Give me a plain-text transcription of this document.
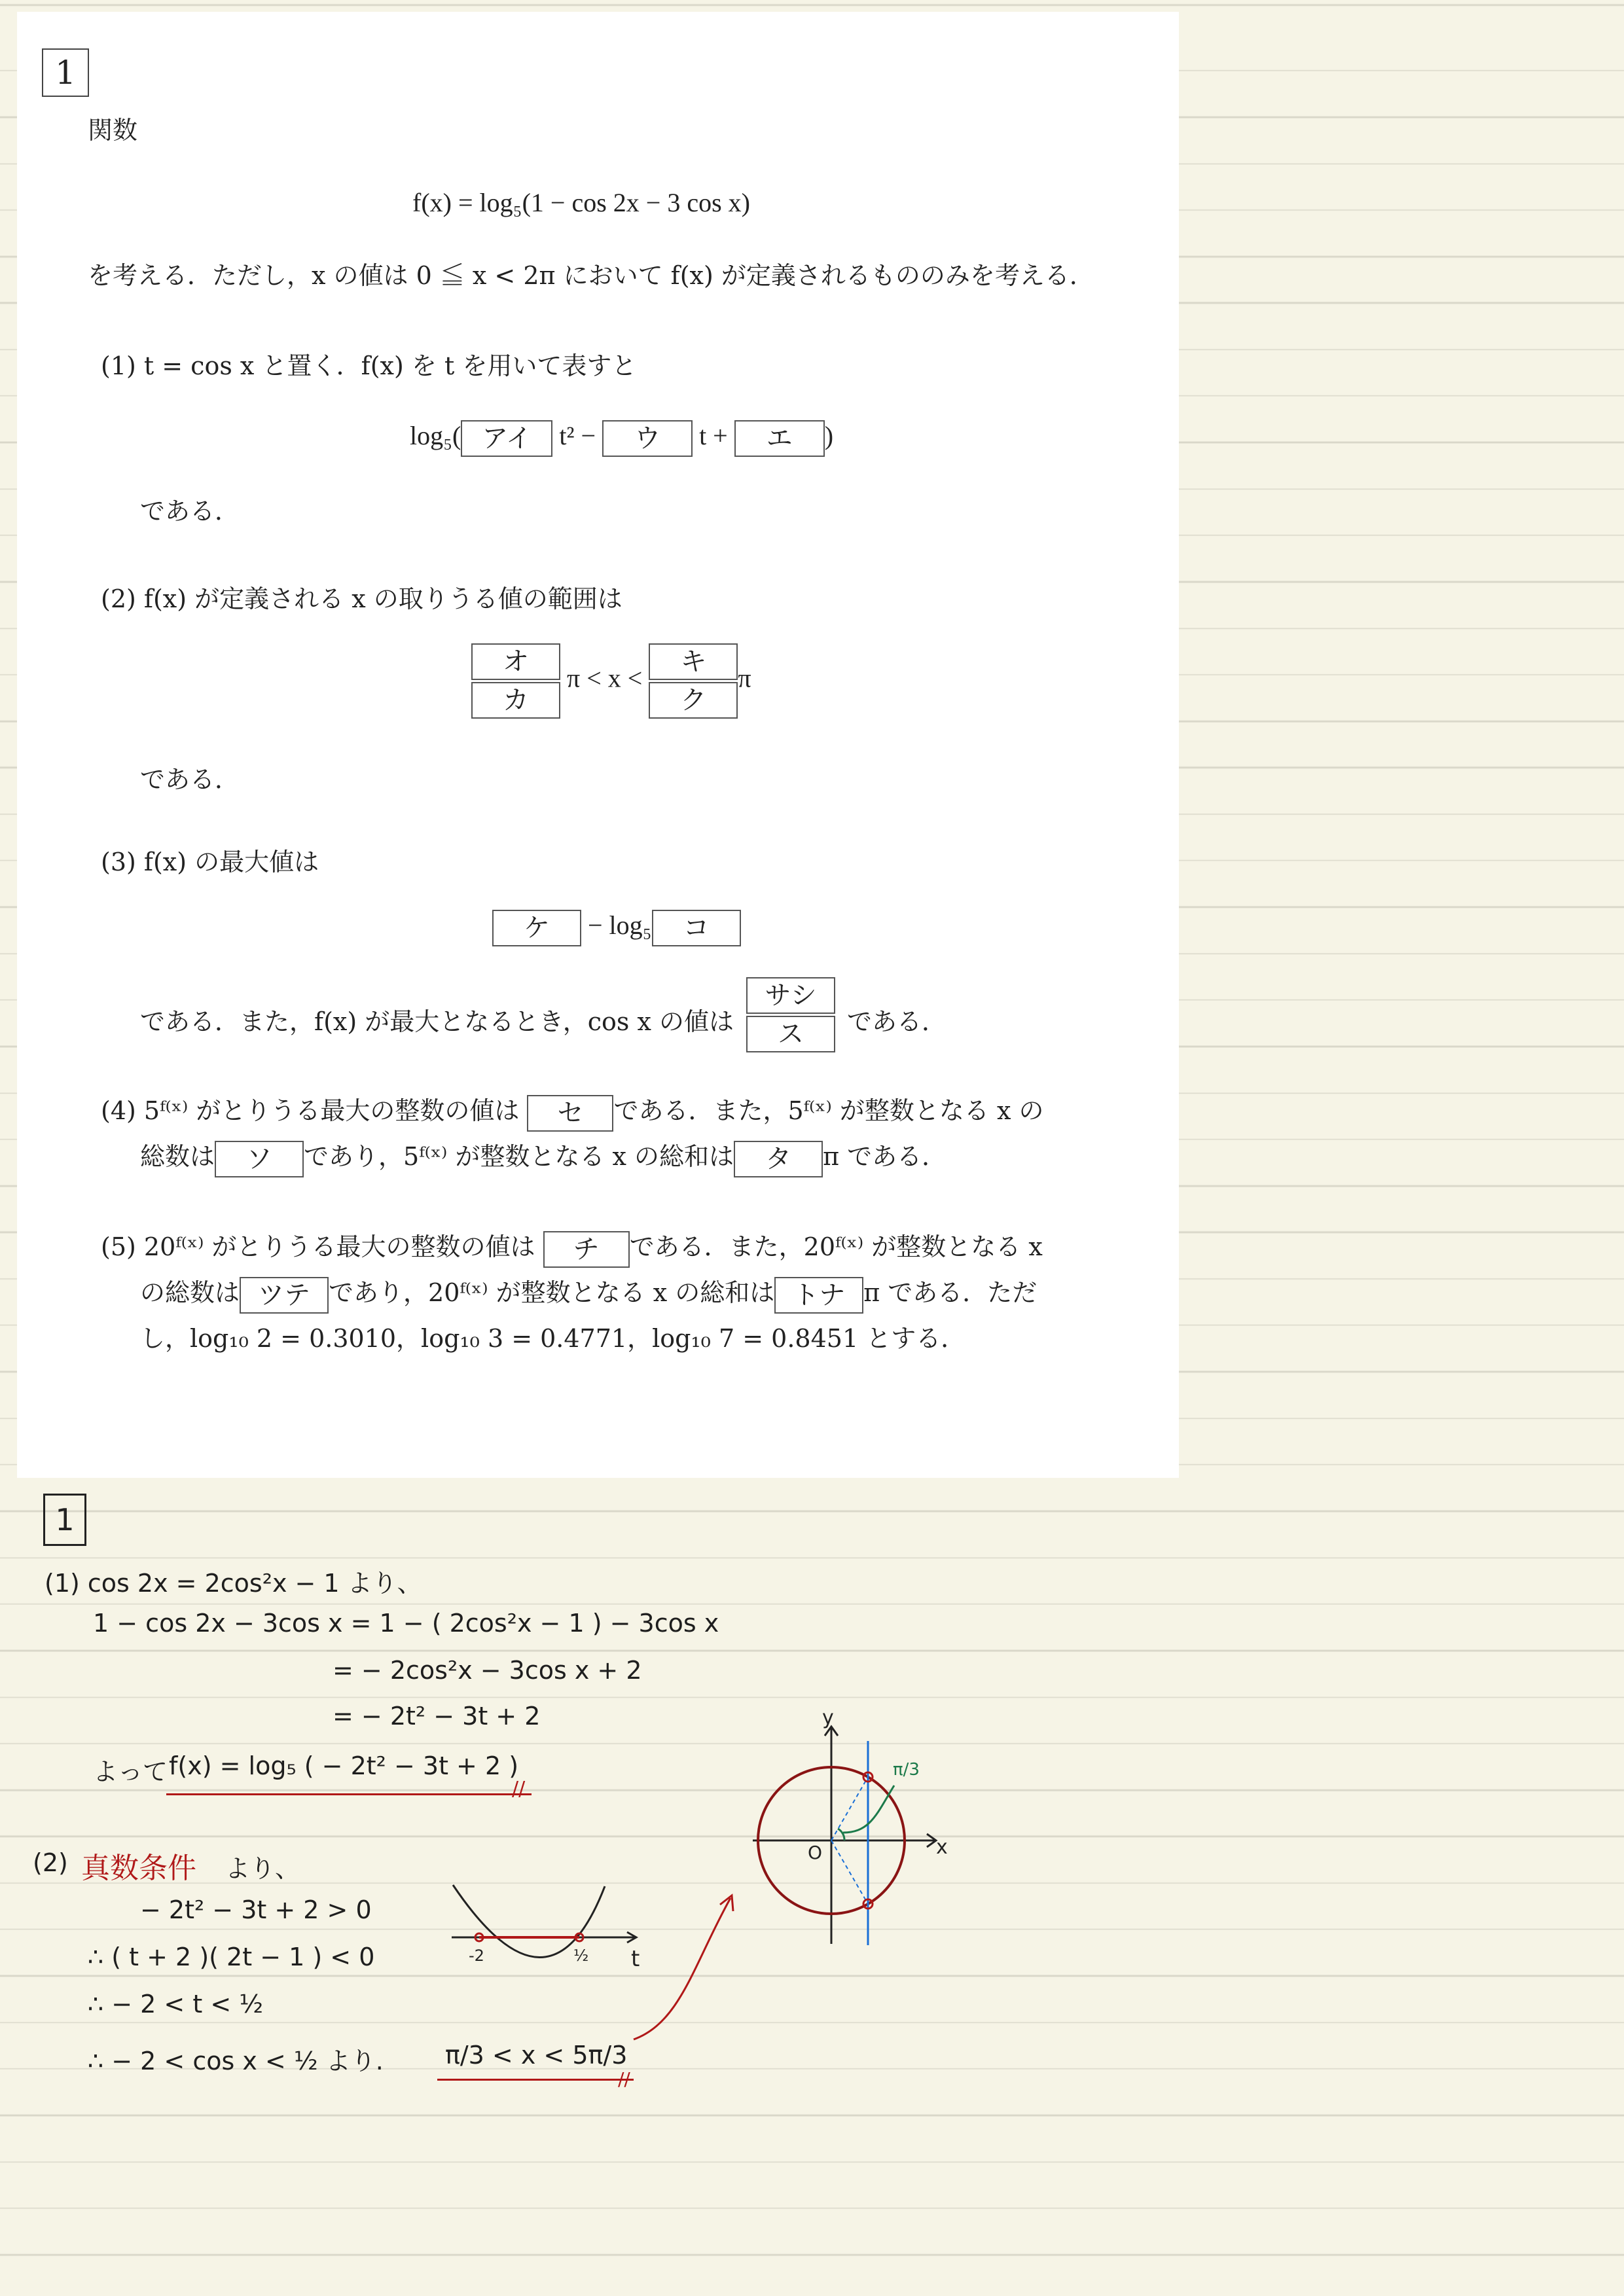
1
関数
f(x) = log₅(1 − cos 2x − 3 cos x)
を考える．ただし，x の値は 0 ≦ x < 2π において f(x) が定義されるもののみを考える．
(1) t = cos x と置く．f(x) を t を用いて表すと
log₅( アイ t² − ウ t + エ )
である．
(2) f(x) が定義される x の取りうる値の範囲は
$\frac{\text{オ}}{\text{カ}}$ $\pi < x < \frac{\text{キ}}{\text{ク}}$ π
である．
(3) f(x) の最大値は
ケ − log₅ コ
である．また，f(x) が最大となるとき，cos x の値は $\frac{\text{サシ}}{\text{ス}}$ である．
(4) 5ᶠ⁽ˣ⁾ がとりうる最大の整数の値は セ である．また，5ᶠ⁽ˣ⁾ が整数となる x の
総数は ソ であり，5ᶠ⁽ˣ⁾ が整数となる x の総和は タ π である．
(5) 20ᶠ⁽ˣ⁾ がとりうる最大の整数の値は チ である．また，20ᶠ⁽ˣ⁾ が整数となる x
の総数は ツテ であり，20ᶠ⁽ˣ⁾ が整数となる x の総和は トナ π である．ただ
し，log₁₀ 2 = 0.3010，log₁₀ 3 = 0.4771，log₁₀ 7 = 0.8451 とする．
1
(1) cos 2x = 2cos²x − 1 より、
1 − cos 2x − 3cos x = 1 − ( 2cos²x − 1 ) − 3cos x
= − 2cos²x − 3cos x + 2
= − 2t² − 3t + 2
よって f(x) = log₅ ( − 2t² − 3t + 2 )
//
(2) 真数条件 より、
− 2t² − 3t + 2 > 0
∴ ( t + 2 )( 2t − 1 ) < 0
∴ − 2 < t < ½
∴ − 2 < cos x < ½ より. π/3 < x < 5π/3
//
-2	½ t
π/3
O
y
x
